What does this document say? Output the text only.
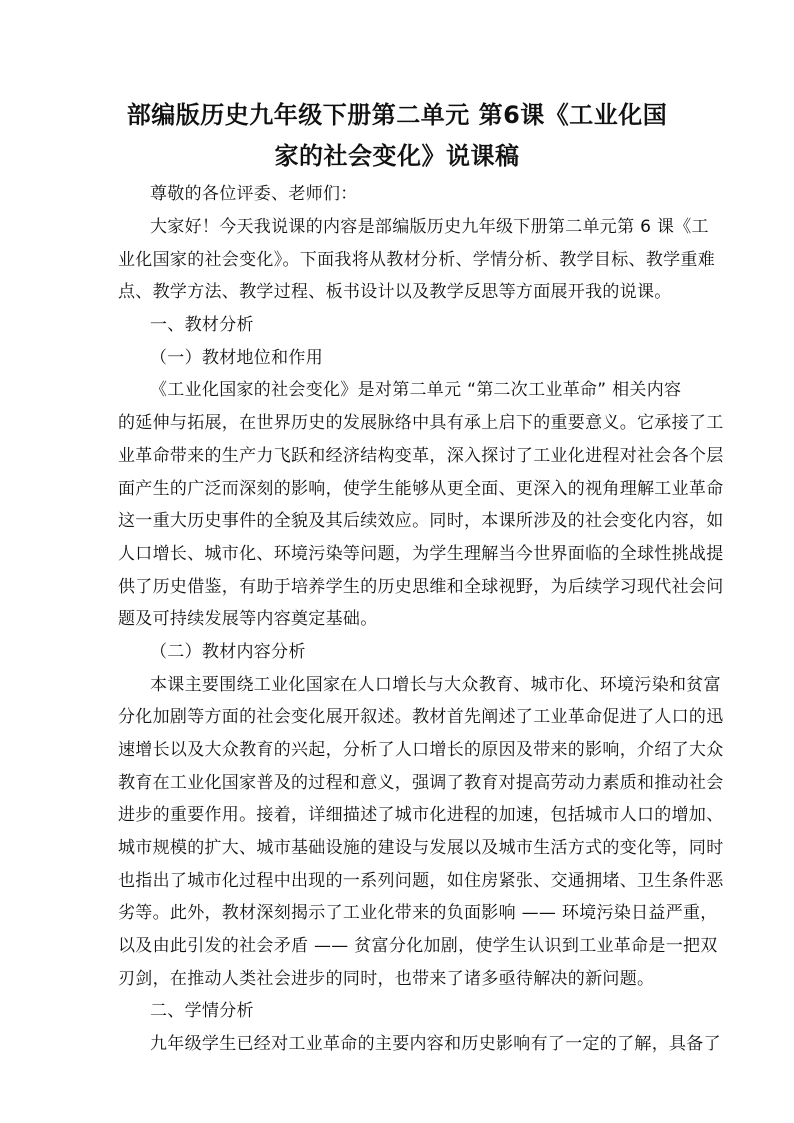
部编版历史九年级下册第二单元 第6课《工业化国
家的社会变化》说课稿
尊敬的各位评委、老师们：
大家好！今天我说课的内容是部编版历史九年级下册第二单元第 6 课《工
业化国家的社会变化》。下面我将从教材分析、学情分析、教学目标、教学重难
点、教学方法、教学过程、板书设计以及教学反思等方面展开我的说课。
一、教材分析
（一）教材地位和作用
《工业化国家的社会变化》是对第二单元 “第二次工业革命” 相关内容
的延伸与拓展，在世界历史的发展脉络中具有承上启下的重要意义。它承接了工
业革命带来的生产力飞跃和经济结构变革，深入探讨了工业化进程对社会各个层
面产生的广泛而深刻的影响，使学生能够从更全面、更深入的视角理解工业革命
这一重大历史事件的全貌及其后续效应。同时，本课所涉及的社会变化内容，如
人口增长、城市化、环境污染等问题，为学生理解当今世界面临的全球性挑战提
供了历史借鉴，有助于培养学生的历史思维和全球视野，为后续学习现代社会问
题及可持续发展等内容奠定基础。
（二）教材内容分析
本课主要围绕工业化国家在人口增长与大众教育、城市化、环境污染和贫富
分化加剧等方面的社会变化展开叙述。教材首先阐述了工业革命促进了人口的迅
速增长以及大众教育的兴起，分析了人口增长的原因及带来的影响，介绍了大众
教育在工业化国家普及的过程和意义，强调了教育对提高劳动力素质和推动社会
进步的重要作用。接着，详细描述了城市化进程的加速，包括城市人口的增加、
城市规模的扩大、城市基础设施的建设与发展以及城市生活方式的变化等，同时
也指出了城市化过程中出现的一系列问题，如住房紧张、交通拥堵、卫生条件恶
劣等。此外，教材深刻揭示了工业化带来的负面影响 —— 环境污染日益严重，
以及由此引发的社会矛盾 —— 贫富分化加剧，使学生认识到工业革命是一把双
刃剑，在推动人类社会进步的同时，也带来了诸多亟待解决的新问题。
二、学情分析
九年级学生已经对工业革命的主要内容和历史影响有了一定的了解，具备了
